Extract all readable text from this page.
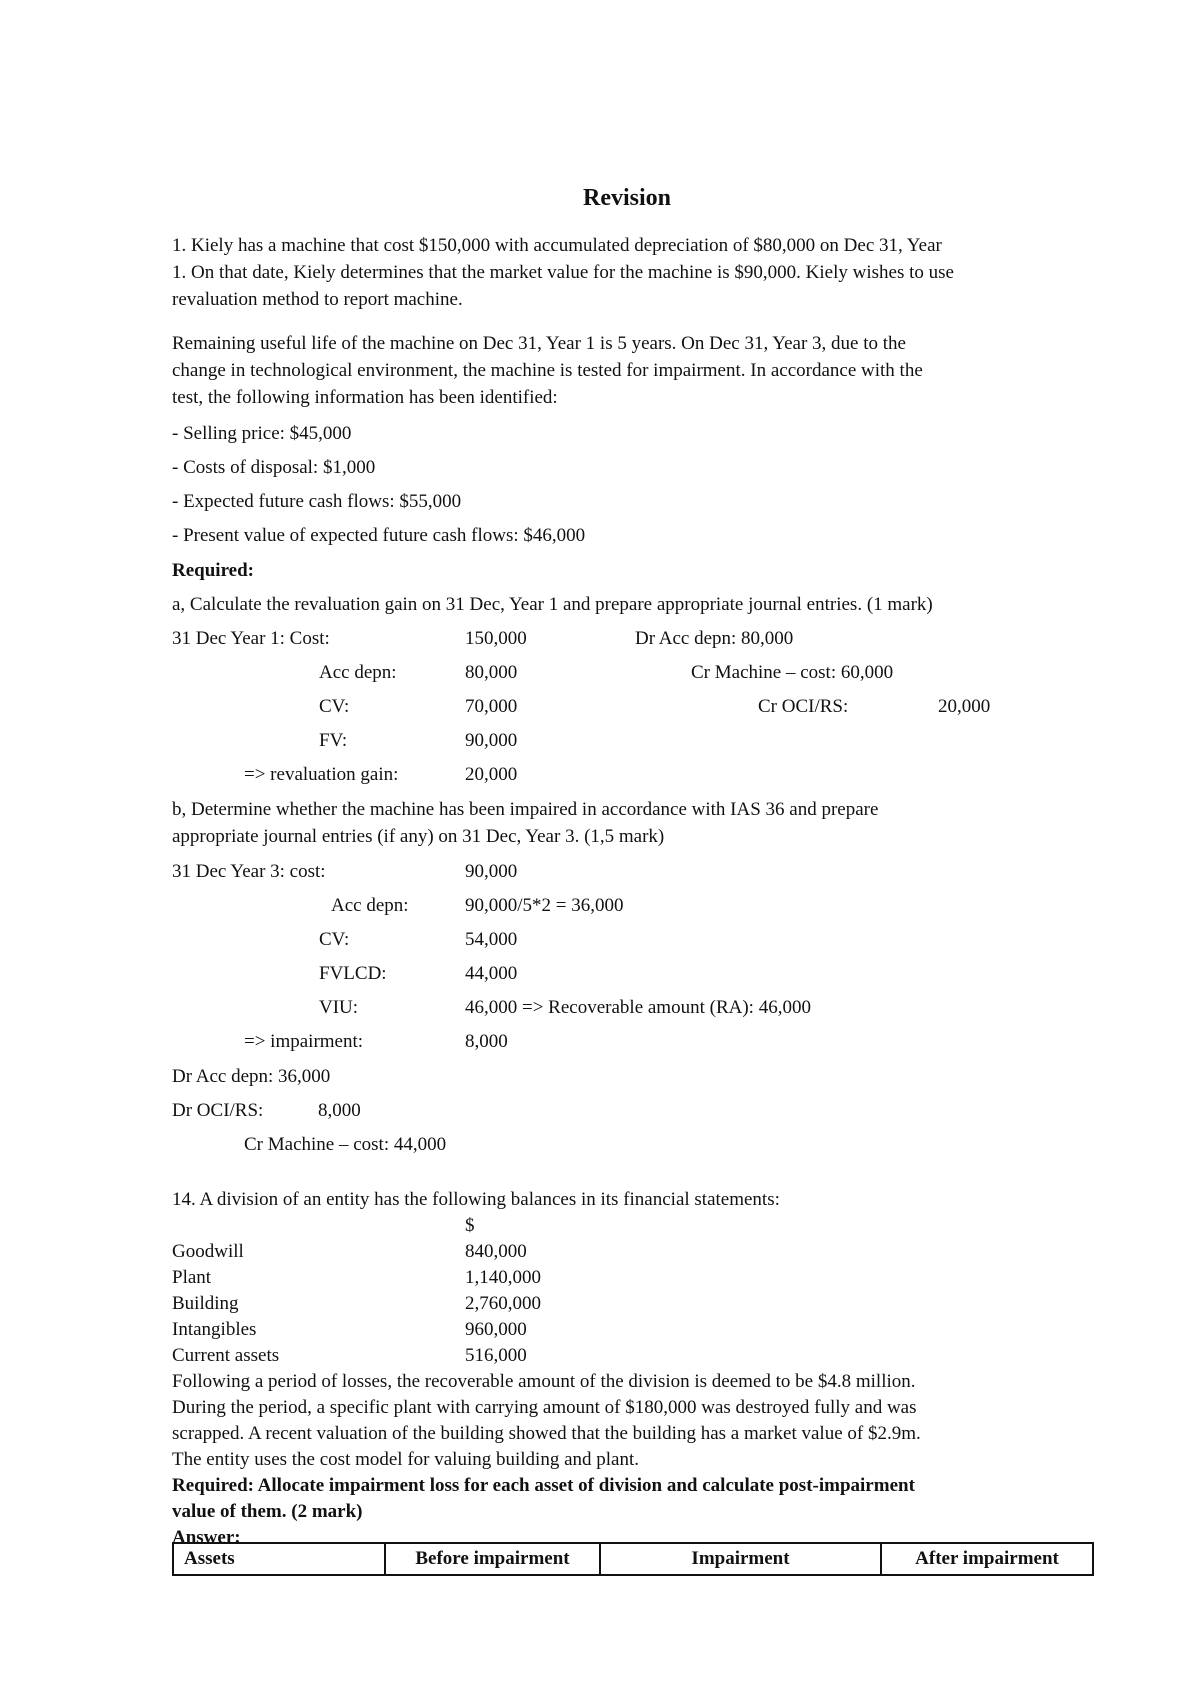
Revision
1. Kiely has a machine that cost $150,000 with accumulated depreciation of $80,000 on Dec 31, Year
1. On that date, Kiely determines that the market value for the machine is $90,000. Kiely wishes to use
revaluation method to report machine.
Remaining useful life of the machine on Dec 31, Year 1 is 5 years. On Dec 31, Year 3, due to the
change in technological environment, the machine is tested for impairment. In accordance with the
test, the following information has been identified:
- Selling price: $45,000
- Costs of disposal: $1,000
- Expected future cash flows: $55,000
- Present value of expected future cash flows: $46,000
Required:
a, Calculate the revaluation gain on 31 Dec, Year 1 and prepare appropriate journal entries. (1 mark)
31 Dec Year 1: Cost:	150,000	Dr Acc depn: 80,000
Acc depn:	80,000	Cr Machine – cost: 60,000
CV:	70,000	Cr OCI/RS:	20,000
FV:	90,000
=> revaluation gain:	20,000
b, Determine whether the machine has been impaired in accordance with IAS 36 and prepare
appropriate journal entries (if any) on 31 Dec, Year 3. (1,5 mark)
31 Dec Year 3: cost:	90,000
Acc depn:	90,000/5*2 = 36,000
CV:	54,000
FVLCD:	44,000
VIU:	46,000 => Recoverable amount (RA): 46,000
=> impairment:	8,000
Dr Acc depn: 36,000
Dr OCI/RS:	8,000
Cr Machine – cost: 44,000
14. A division of an entity has the following balances in its financial statements:
$
Goodwill	840,000
Plant	1,140,000
Building	2,760,000
Intangibles	960,000
Current assets	516,000
Following a period of losses, the recoverable amount of the division is deemed to be $4.8 million.
During the period, a specific plant with carrying amount of $180,000 was destroyed fully and was
scrapped. A recent valuation of the building showed that the building has a market value of $2.9m.
The entity uses the cost model for valuing building and plant.
Required: Allocate impairment loss for each asset of division and calculate post-impairment
value of them. (2 mark)
Answer:
Assets	Before impairment	Impairment	After impairment
